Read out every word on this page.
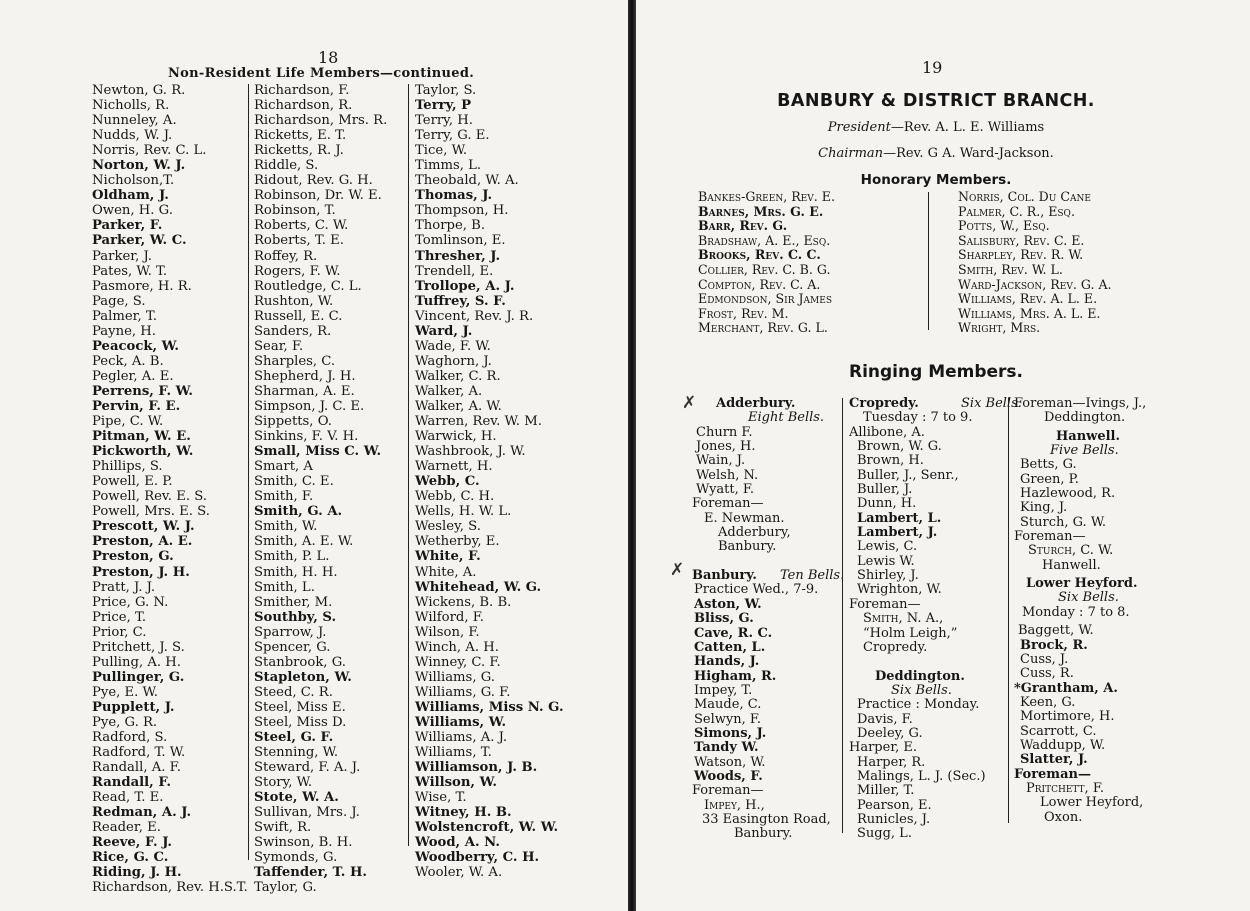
18
Non-Resident Life Members—continued.
Newton, G. R.
Nicholls, R.
Nunneley, A.
Nudds, W. J.
Norris, Rev. C. L.
Norton, W. J.
Nicholson,T.
Oldham, J.
Owen, H. G.
Parker, F.
Parker, W. C.
Parker, J.
Pates, W. T.
Pasmore, H. R.
Page, S.
Palmer, T.
Payne, H.
Peacock, W.
Peck, A. B.
Pegler, A. E.
Perrens, F. W.
Pervin, F. E.
Pipe, C. W.
Pitman, W. E.
Pickworth, W.
Phillips, S.
Powell, E. P.
Powell, Rev. E. S.
Powell, Mrs. E. S.
Prescott, W. J.
Preston, A. E.
Preston, G.
Preston, J. H.
Pratt, J. J.
Price, G. N.
Price, T.
Prior, C.
Pritchett, J. S.
Pulling, A. H.
Pullinger, G.
Pye, E. W.
Pupplett, J.
Pye, G. R.
Radford, S.
Radford, T. W.
Randall, A. F.
Randall, F.
Read, T. E.
Redman, A. J.
Reader, E.
Reeve, F. J.
Rice, G. C.
Riding, J. H.
Richardson, Rev. H.S.T.
Richardson, F.
Richardson, R.
Richardson, Mrs. R.
Ricketts, E. T.
Ricketts, R. J.
Riddle, S.
Ridout, Rev. G. H.
Robinson, Dr. W. E.
Robinson, T.
Roberts, C. W.
Roberts, T. E.
Roffey, R.
Rogers, F. W.
Routledge, C. L.
Rushton, W.
Russell, E. C.
Sanders, R.
Sear, F.
Sharples, C.
Shepherd, J. H.
Sharman, A. E.
Simpson, J. C. E.
Sippetts, O.
Sinkins, F. V. H.
Small, Miss C. W.
Smart, A
Smith, C. E.
Smith, F.
Smith, G. A.
Smith, W.
Smith, A. E. W.
Smith, P. L.
Smith, H. H.
Smith, L.
Smither, M.
Southby, S.
Sparrow, J.
Spencer, G.
Stanbrook, G.
Stapleton, W.
Steed, C. R.
Steel, Miss E.
Steel, Miss D.
Steel, G. F.
Stenning, W.
Steward, F. A. J.
Story, W.
Stote, W. A.
Sullivan, Mrs. J.
Swift, R.
Swinson, B. H.
Symonds, G.
Taffender, T. H.
Taylor, G.
Taylor, S.
Terry, P
Terry, H.
Terry, G. E.
Tice, W.
Timms, L.
Theobald, W. A.
Thomas, J.
Thompson, H.
Thorpe, B.
Tomlinson, E.
Thresher, J.
Trendell, E.
Trollope, A. J.
Tuffrey, S. F.
Vincent, Rev. J. R.
Ward, J.
Wade, F. W.
Waghorn, J.
Walker, C. R.
Walker, A.
Walker, A. W.
Warren, Rev. W. M.
Warwick, H.
Washbrook, J. W.
Warnett, H.
Webb, C.
Webb, C. H.
Wells, H. W. L.
Wesley, S.
Wetherby, E.
White, F.
White, A.
Whitehead, W. G.
Wickens, B. B.
Wilford, F.
Wilson, F.
Winch, A. H.
Winney, C. F.
Williams, G.
Williams, G. F.
Williams, Miss N. G.
Williams, W.
Williams, A. J.
Williams, T.
Williamson, J. B.
Willson, W.
Wise, T.
Witney, H. B.
Wolstencroft, W. W.
Wood, A. N.
Woodberry, C. H.
Wooler, W. A.
19
BANBURY & DISTRICT BRANCH.
President—Rev. A. L. E. Williams
Chairman—Rev. G A. Ward-Jackson.
Honorary Members.
Bankes-Green, Rev. E.
Barnes, Mrs. G. E.
Barr, Rev. G.
Bradshaw, A. E., Esq.
Brooks, Rev. C. C.
Collier, Rev. C. B. G.
Compton, Rev. C. A.
Edmondson, Sir James
Frost, Rev. M.
Merchant, Rev. G. L.
Norris, Col. Du Cane
Palmer, C. R., Esq.
Potts, W., Esq.
Salisbury, Rev. C. E.
Sharpley, Rev. R. W.
Smith, Rev. W. L.
Ward-Jackson, Rev. G. A.
Williams, Rev. A. L. E.
Williams, Mrs. A. L. E.
Wright, Mrs.
Ringing Members.
Adderbury.
Eight Bells.
Churn F.
Jones, H.
Wain, J.
Welsh, N.
Wyatt, F.
Foreman—
E. Newman.
Adderbury,
Banbury.
Banbury.	Ten Bells.
Practice Wed., 7-9.
Aston, W.
Bliss, G.
Cave, R. C.
Catten, L.
Hands, J.
Higham, R.
Impey, T.
Maude, C.
Selwyn, F.
Simons, J.
Tandy W.
Watson, W.
Woods, F.
Foreman—
Impey, H.,
33 Easington Road,
Banbury.
Cropredy.	Six Bells.
Tuesday : 7 to 9.
Allibone, A.
Brown, W. G.
Brown, H.
Buller, J., Senr.,
Buller, J.
Dunn, H.
Lambert, L.
Lambert, J.
Lewis, C.
Lewis W.
Shirley, J.
Wrighton, W.
Foreman—
Smith, N. A.,
“Holm Leigh,”
Cropredy.
Deddington.
Six Bells.
Practice : Monday.
Davis, F.
Deeley, G.
Harper, E.
Harper, R.
Malings, L. J. (Sec.)
Miller, T.
Pearson, E.
Runicles, J.
Sugg, L.
Foreman—Ivings, J.,
Deddington.
Hanwell.
Five Bells.
Betts, G.
Green, P.
Hazlewood, R.
King, J.
Sturch, G. W.
Foreman—
Sturch, C. W.
Hanwell.
Lower Heyford.
Six Bells.
Monday : 7 to 8.
Baggett, W.
Brock, R.
Cuss, J.
Cuss, R.
*Grantham, A.
Keen, G.
Mortimore, H.
Scarrott, C.
Waddupp, W.
Slatter, J.
Foreman—
Pritchett, F.
Lower Heyford,
Oxon.
✗
✗
